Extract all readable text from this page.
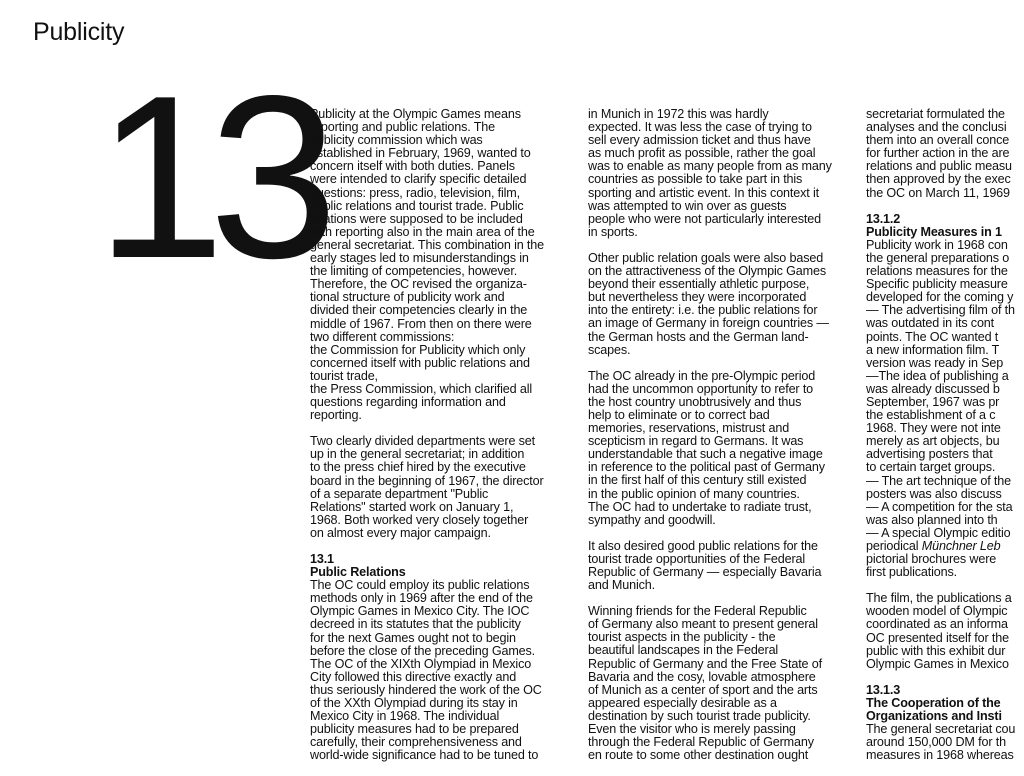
Publicity
13
Publicity at the Olympic Games means
reporting and public relations. The
publicity commission which was
established in February, 1969, wanted to
concern itself with both duties. Panels
were intended to clarify specific detailed
questions: press, radio, television, film,
public relations and tourist trade. Public
relations were supposed to be included
with reporting also in the main area of the
general secretariat. This combination in the
early stages led to misunderstandings in
the limiting of competencies, however.
Therefore, the OC revised the organiza-
tional structure of publicity work and
divided their competencies clearly in the
middle of 1967. From then on there were
two different commissions:
the Commission for Publicity which only
concerned itself with public relations and
tourist trade,
the Press Commission, which clarified all
questions regarding information and
reporting.
Two clearly divided departments were set
up in the general secretariat; in addition
to the press chief hired by the executive
board in the beginning of 1967, the director
of a separate department "Public
Relations" started work on January 1,
1968. Both worked very closely together
on almost every major campaign.
13.1
Public Relations
The OC could employ its public relations
methods only in 1969 after the end of the
Olympic Games in Mexico City. The IOC
decreed in its statutes that the publicity
for the next Games ought not to begin
before the close of the preceding Games.
The OC of the XIXth Olympiad in Mexico
City followed this directive exactly and
thus seriously hindered the work of the OC
of the XXth Olympiad during its stay in
Mexico City in 1968. The individual
publicity measures had to be prepared
carefully, their comprehensiveness and
world-wide significance had to be tuned to
in Munich in 1972 this was hardly
expected. It was less the case of trying to
sell every admission ticket and thus have
as much profit as possible, rather the goal
was to enable as many people from as many
countries as possible to take part in this
sporting and artistic event. In this context it
was attempted to win over as guests
people who were not particularly interested
in sports.
Other public relation goals were also based
on the attractiveness of the Olympic Games
beyond their essentially athletic purpose,
but nevertheless they were incorporated
into the entirety: i.e. the public relations for
an image of Germany in foreign countries —
the German hosts and the German land-
scapes.
The OC already in the pre-Olympic period
had the uncommon opportunity to refer to
the host country unobtrusively and thus
help to eliminate or to correct bad
memories, reservations, mistrust and
scepticism in regard to Germans. It was
understandable that such a negative image
in reference to the political past of Germany
in the first half of this century still existed
in the public opinion of many countries.
The OC had to undertake to radiate trust,
sympathy and goodwill.
It also desired good public relations for the
tourist trade opportunities of the Federal
Republic of Germany — especially Bavaria
and Munich.
Winning friends for the Federal Republic
of Germany also meant to present general
tourist aspects in the publicity - the
beautiful landscapes in the Federal
Republic of Germany and the Free State of
Bavaria and the cosy, lovable atmosphere
of Munich as a center of sport and the arts
appeared especially desirable as a
destination by such tourist trade publicity.
Even the visitor who is merely passing
through the Federal Republic of Germany
en route to some other destination ought
secretariat formulated the
analyses and the conclusi
them into an overall conce
for further action in the are
relations and public measu
then approved by the exec
the OC on March 11, 1969
13.1.2
Publicity Measures in 1
Publicity work in 1968 con
the general preparations o
relations measures for the
Specific publicity measure
developed for the coming y
— The advertising film of th
was outdated in its cont
points. The OC wanted t
a new information film. T
version was ready in Sep
—The idea of publishing a
was already discussed b
September, 1967 was pr
the establishment of a c
1968. They were not inte
merely as art objects, bu
advertising posters that
to certain target groups.
— The art technique of the
posters was also discuss
— A competition for the sta
was also planned into th
— A special Olympic editio
periodical Münchner Leb
pictorial brochures were
first publications.
The film, the publications a
wooden model of Olympic
coordinated as an informa
OC presented itself for the
public with this exhibit dur
Olympic Games in Mexico
13.1.3
The Cooperation of the
Organizations and Insti
The general secretariat cou
around 150,000 DM for th
measures in 1968 whereas
